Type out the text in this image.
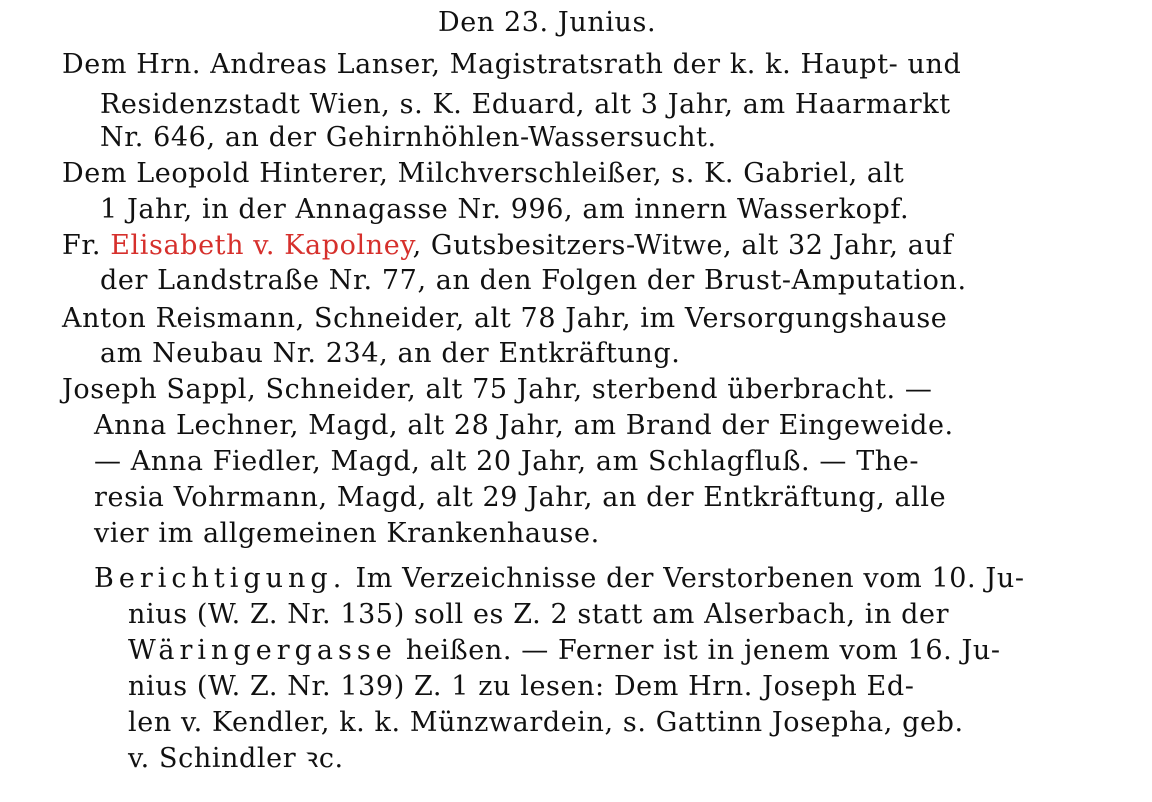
Den 23. Junius.
Dem Hrn. Andreas Lanser, Magistratsrath der k. k. Haupt- und
Residenzstadt Wien, s. K. Eduard, alt 3 Jahr, am Haarmarkt
Nr. 646, an der Gehirnhöhlen-Wassersucht.
Dem Leopold Hinterer, Milchverschleißer, s. K. Gabriel, alt
1 Jahr, in der Annagasse Nr. 996, am innern Wasserkopf.
Fr. Elisabeth v. Kapolney, Gutsbesitzers-Witwe, alt 32 Jahr, auf
der Landstraße Nr. 77, an den Folgen der Brust-Amputation.
Anton Reismann, Schneider, alt 78 Jahr, im Versorgungshause
am Neubau Nr. 234, an der Entkräftung.
Joseph Sappl, Schneider, alt 75 Jahr, sterbend überbracht. —
Anna Lechner, Magd, alt 28 Jahr, am Brand der Eingeweide.
— Anna Fiedler, Magd, alt 20 Jahr, am Schlagfluß. — The-
resia Vohrmann, Magd, alt 29 Jahr, an der Entkräftung, alle
vier im allgemeinen Krankenhause.
Berichtigung. Im Verzeichnisse der Verstorbenen vom 10. Ju-
nius (W. Z. Nr. 135) soll es Z. 2 statt am Alserbach, in der
Wäringergasse heißen. — Ferner ist in jenem vom 16. Ju-
nius (W. Z. Nr. 139) Z. 1 zu lesen: Dem Hrn. Joseph Ed-
len v. Kendler, k. k. Münzwardein, s. Gattinn Josepha, geb.
v. Schindler ꝛc.
